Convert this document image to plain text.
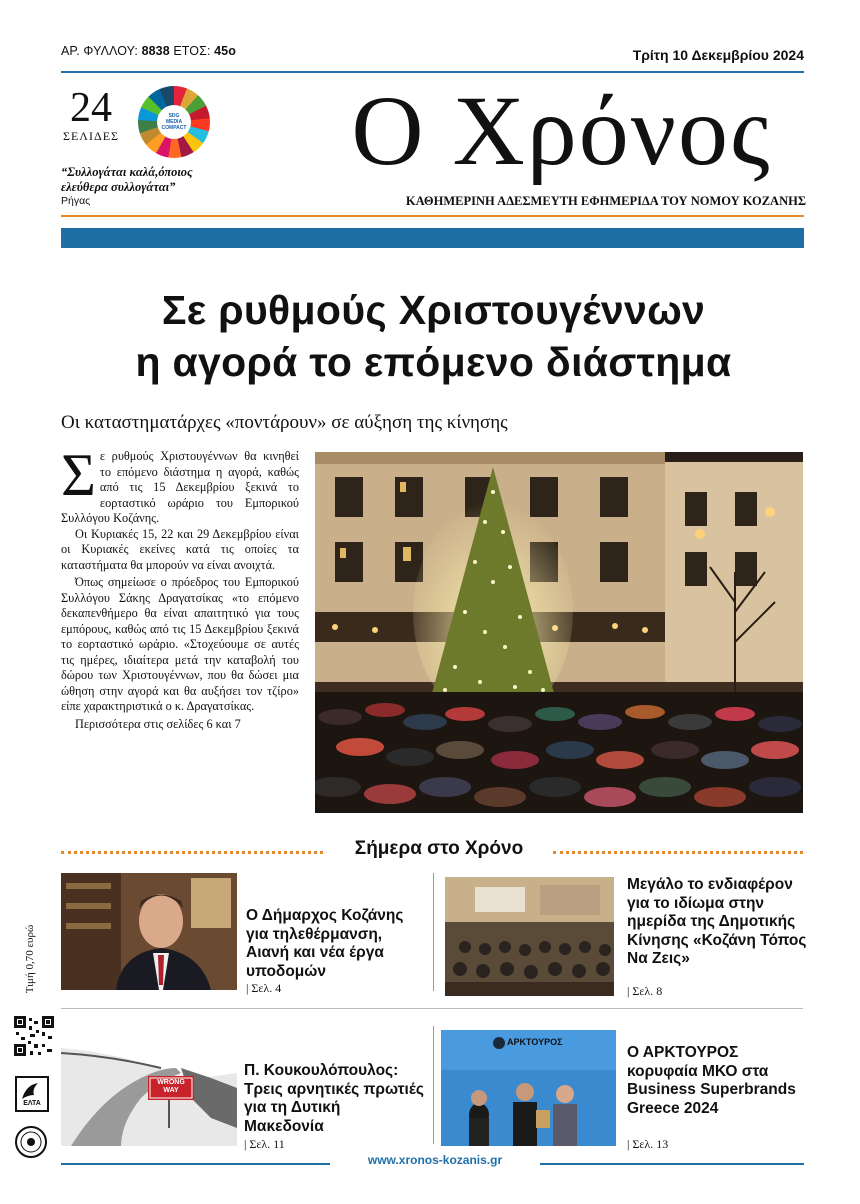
ΑΡ. ΦΥΛΛΟΥ: 8838 ΕΤΟΣ: 45ο	Τρίτη 10 Δεκεμβρίου 2024
24
ΣΕΛΙΔΕΣ
SDG
MEDIA
COMPACT
“Συλλογάται καλά,όποιος
ελεύθερα συλλογάται”
Ρήγας
Ο Χρόνος
ΚΑΘΗΜΕΡΙΝΗ ΑΔΕΣΜΕΥΤΗ ΕΦΗΜΕΡΙΔΑ ΤΟΥ ΝΟΜΟΥ ΚΟΖΑΝΗΣ
Σε ρυθμούς Χριστουγέννων
η αγορά το επόμενο διάστημα
Οι καταστηματάρχες «ποντάρουν» σε αύξηση της κίνησης

Σε ρυθμούς Χριστουγέννων θα κινηθεί το επόμενο διάστημα η αγορά, καθώς από τις 15 Δεκεμβρίου ξεκινά το εορταστικό ωράριο του Εμπορικού Συλλόγου Κοζάνης.

Οι Κυριακές 15, 22 και 29 Δεκεμβρίου είναι οι Κυριακές εκείνες κατά τις οποίες τα καταστήματα θα μπορούν να είναι ανοιχτά.

Όπως σημείωσε ο πρόεδρος του Εμπορικού Συλλόγου Σάκης Δραγατσίκας «το επόμενο δεκαπενθήμερο θα είναι απαιτητικό για τους εμπόρους, καθώς από τις 15 Δεκεμβρίου ξεκινά το εορταστικό ωράριο. «Στοχεύουμε σε αυτές τις ημέρες, ιδιαίτερα μετά την καταβολή του δώρου των Χριστουγέννων, που θα δώσει μια ώθηση στην αγορά και θα αυξήσει τον τζίρο» είπε χαρακτηριστικά ο κ. Δραγατσίκας.

Περισσότερα στις σελίδες 6 και 7

Σήμερα στο Χρόνο
Ο Δήμαρχος Κοζάνης για τηλεθέρμανση, Αιανή και νέα έργα υποδομών
| Σελ. 4
Μεγάλο το ενδιαφέρον για το ιδίωμα στην ημερίδα της Δημοτικής Κίνησης «Κοζάνη Τόπος Να Ζεις»
| Σελ. 8
WRONG WAY
Π. Κουκουλόπουλος: Τρεις αρνητικές πρωτιές για τη Δυτική Μακεδονία
| Σελ. 11
ΑΡΚΤΟΥΡΟΣ
Ο ΑΡΚΤΟΥΡΟΣ κορυφαία ΜΚΟ στα Business Superbrands Greece 2024
| Σελ. 13
Τιμή 0,70 ευρώ
ΕΛΤΑ
www.xronos-kozanis.gr
